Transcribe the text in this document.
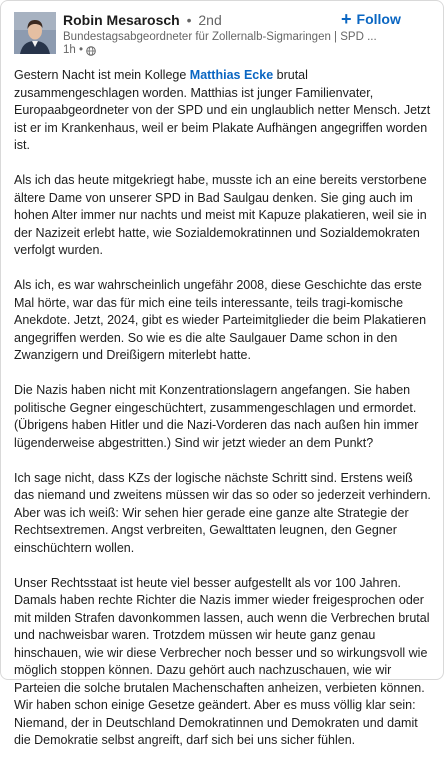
Robin Mesarosch • 2nd
Bundestagsabgeordneter für Zollernalb-Sigmaringen | SPD ...
1h •
+ Follow

Gestern Nacht ist mein Kollege Matthias Ecke brutal zusammengeschlagen worden. Matthias ist junger Familienvater, Europaabgeordneter von der SPD und ein unglaublich netter Mensch. Jetzt ist er im Krankenhaus, weil er beim Plakate Aufhängen angegriffen worden ist.

Als ich das heute mitgekriegt habe, musste ich an eine bereits verstorbene ältere Dame von unserer SPD in Bad Saulgau denken. Sie ging auch im hohen Alter immer nur nachts und meist mit Kapuze plakatieren, weil sie in der Nazizeit erlebt hatte, wie Sozialdemokratinnen und Sozialdemokraten verfolgt wurden.

Als ich, es war wahrscheinlich ungefähr 2008, diese Geschichte das erste Mal hörte, war das für mich eine teils interessante, teils tragi-komische Anekdote. Jetzt, 2024, gibt es wieder Parteimitglieder die beim Plakatieren angegriffen werden. So wie es die alte Saulgauer Dame schon in den Zwanzigern und Dreißigern miterlebt hatte.

Die Nazis haben nicht mit Konzentrationslagern angefangen. Sie haben politische Gegner eingeschüchtert, zusammengeschlagen und ermordet. (Übrigens haben Hitler und die Nazi-Vorderen das nach außen hin immer lügenderweise abgestritten.) Sind wir jetzt wieder an dem Punkt?

Ich sage nicht, dass KZs der logische nächste Schritt sind. Erstens weiß das niemand und zweitens müssen wir das so oder so jederzeit verhindern. Aber was ich weiß: Wir sehen hier gerade eine ganze alte Strategie der Rechtsextremen. Angst verbreiten, Gewalttaten leugnen, den Gegner einschüchtern wollen.

Unser Rechtsstaat ist heute viel besser aufgestellt als vor 100 Jahren. Damals haben rechte Richter die Nazis immer wieder freigesprochen oder mit milden Strafen davonkommen lassen, auch wenn die Verbrechen brutal und nachweisbar waren. Trotzdem müssen wir heute ganz genau hinschauen, wie wir diese Verbrecher noch besser und so wirkungsvoll wie möglich stoppen können. Dazu gehört auch nachzuschauen, wie wir Parteien die solche brutalen Machenschaften anheizen, verbieten können. Wir haben schon einige Gesetze geändert. Aber es muss völlig klar sein: Niemand, der in Deutschland Demokratinnen und Demokraten und damit die Demokratie selbst angreift, darf sich bei uns sicher fühlen.
